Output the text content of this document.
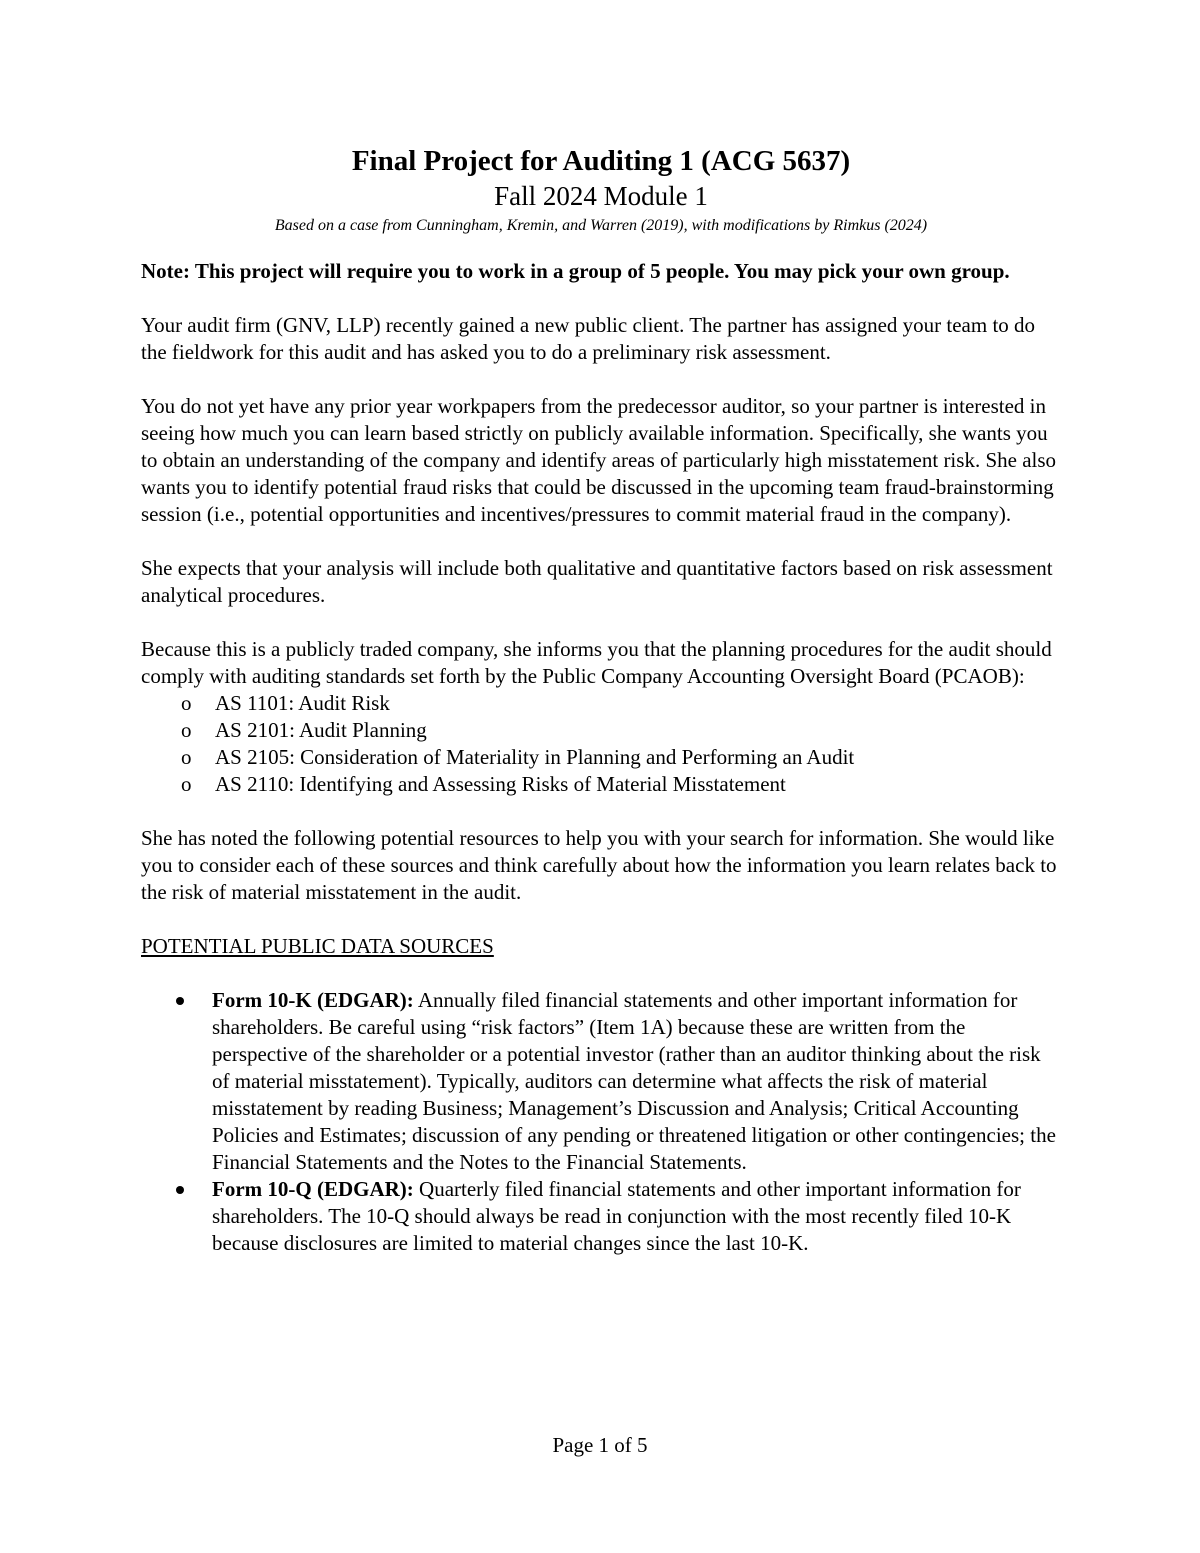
Final Project for Auditing 1 (ACG 5637)
Fall 2024 Module 1
Based on a case from Cunningham, Kremin, and Warren (2019), with modifications by Rimkus (2024)

Note: This project will require you to work in a group of 5 people. You may pick your own group.

Your audit firm (GNV, LLP) recently gained a new public client. The partner has assigned your team to do the fieldwork for this audit and has asked you to do a preliminary risk assessment.

You do not yet have any prior year workpapers from the predecessor auditor, so your partner is interested in seeing how much you can learn based strictly on publicly available information. Specifically, she wants you to obtain an understanding of the company and identify areas of particularly high misstatement risk. She also wants you to identify potential fraud risks that could be discussed in the upcoming team fraud-brainstorming session (i.e., potential opportunities and incentives/pressures to commit material fraud in the company).

She expects that your analysis will include both qualitative and quantitative factors based on risk assessment analytical procedures.

Because this is a publicly traded company, she informs you that the planning procedures for the audit should comply with auditing standards set forth by the Public Company Accounting Oversight Board (PCAOB):

o AS 1101: Audit Risk
o AS 2101: Audit Planning
o AS 2105: Consideration of Materiality in Planning and Performing an Audit
o AS 2110: Identifying and Assessing Risks of Material Misstatement

She has noted the following potential resources to help you with your search for information. She would like you to consider each of these sources and think carefully about how the information you learn relates back to the risk of material misstatement in the audit.

POTENTIAL PUBLIC DATA SOURCES
Form 10-K (EDGAR): Annually filed financial statements and other important information for shareholders. Be careful using “risk factors” (Item 1A) because these are written from the perspective of the shareholder or a potential investor (rather than an auditor thinking about the risk of material misstatement). Typically, auditors can determine what affects the risk of material misstatement by reading Business; Management’s Discussion and Analysis; Critical Accounting Policies and Estimates; discussion of any pending or threatened litigation or other contingencies; the Financial Statements and the Notes to the Financial Statements.
Form 10-Q (EDGAR): Quarterly filed financial statements and other important information for shareholders. The 10-Q should always be read in conjunction with the most recently filed 10-K because disclosures are limited to material changes since the last 10-K.
Page 1 of 5
